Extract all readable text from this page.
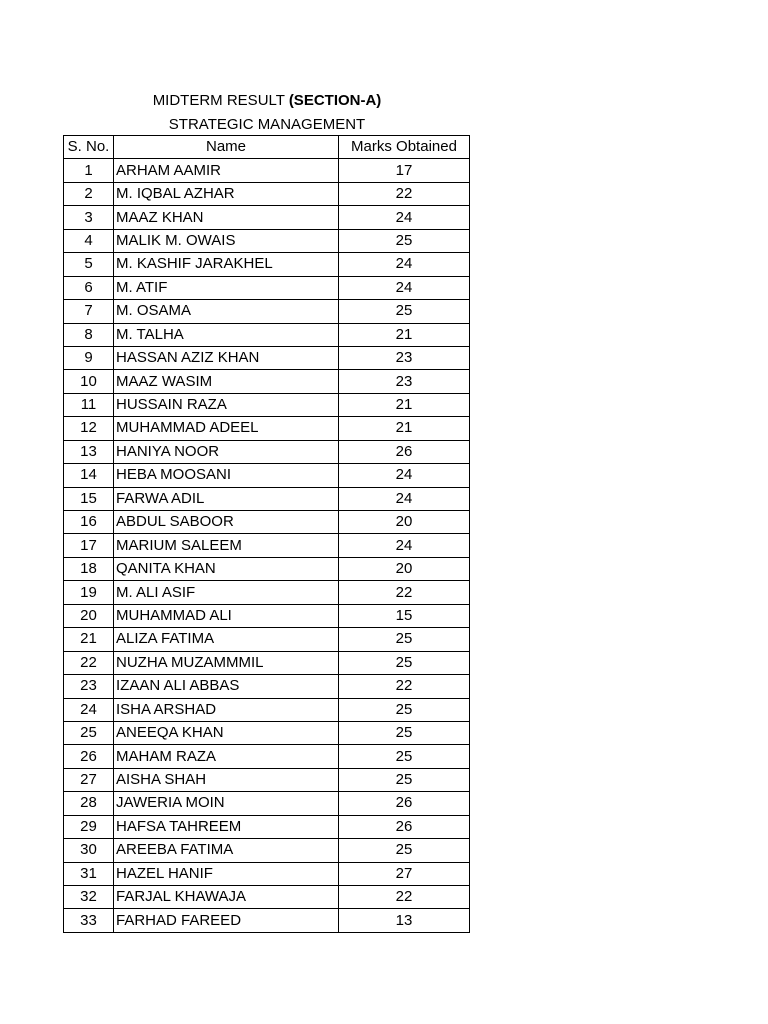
MIDTERM RESULT (SECTION-A)
STRATEGIC MANAGEMENT
S. No.	Name	Marks Obtained
1	ARHAM AAMIR	17
2	M. IQBAL AZHAR	22
3	MAAZ KHAN	24
4	MALIK M. OWAIS	25
5	M. KASHIF JARAKHEL	24
6	M. ATIF	24
7	M. OSAMA	25
8	M. TALHA	21
9	HASSAN AZIZ KHAN	23
10	MAAZ WASIM	23
11	HUSSAIN RAZA	21
12	MUHAMMAD ADEEL	21
13	HANIYA NOOR	26
14	HEBA MOOSANI	24
15	FARWA ADIL	24
16	ABDUL SABOOR	20
17	MARIUM SALEEM	24
18	QANITA KHAN	20
19	M. ALI ASIF	22
20	MUHAMMAD ALI	15
21	ALIZA FATIMA	25
22	NUZHA MUZAMMMIL	25
23	IZAAN ALI ABBAS	22
24	ISHA ARSHAD	25
25	ANEEQA KHAN	25
26	MAHAM RAZA	25
27	AISHA SHAH	25
28	JAWERIA MOIN	26
29	HAFSA TAHREEM	26
30	AREEBA FATIMA	25
31	HAZEL HANIF	27
32	FARJAL KHAWAJA	22
33	FARHAD FAREED	13
